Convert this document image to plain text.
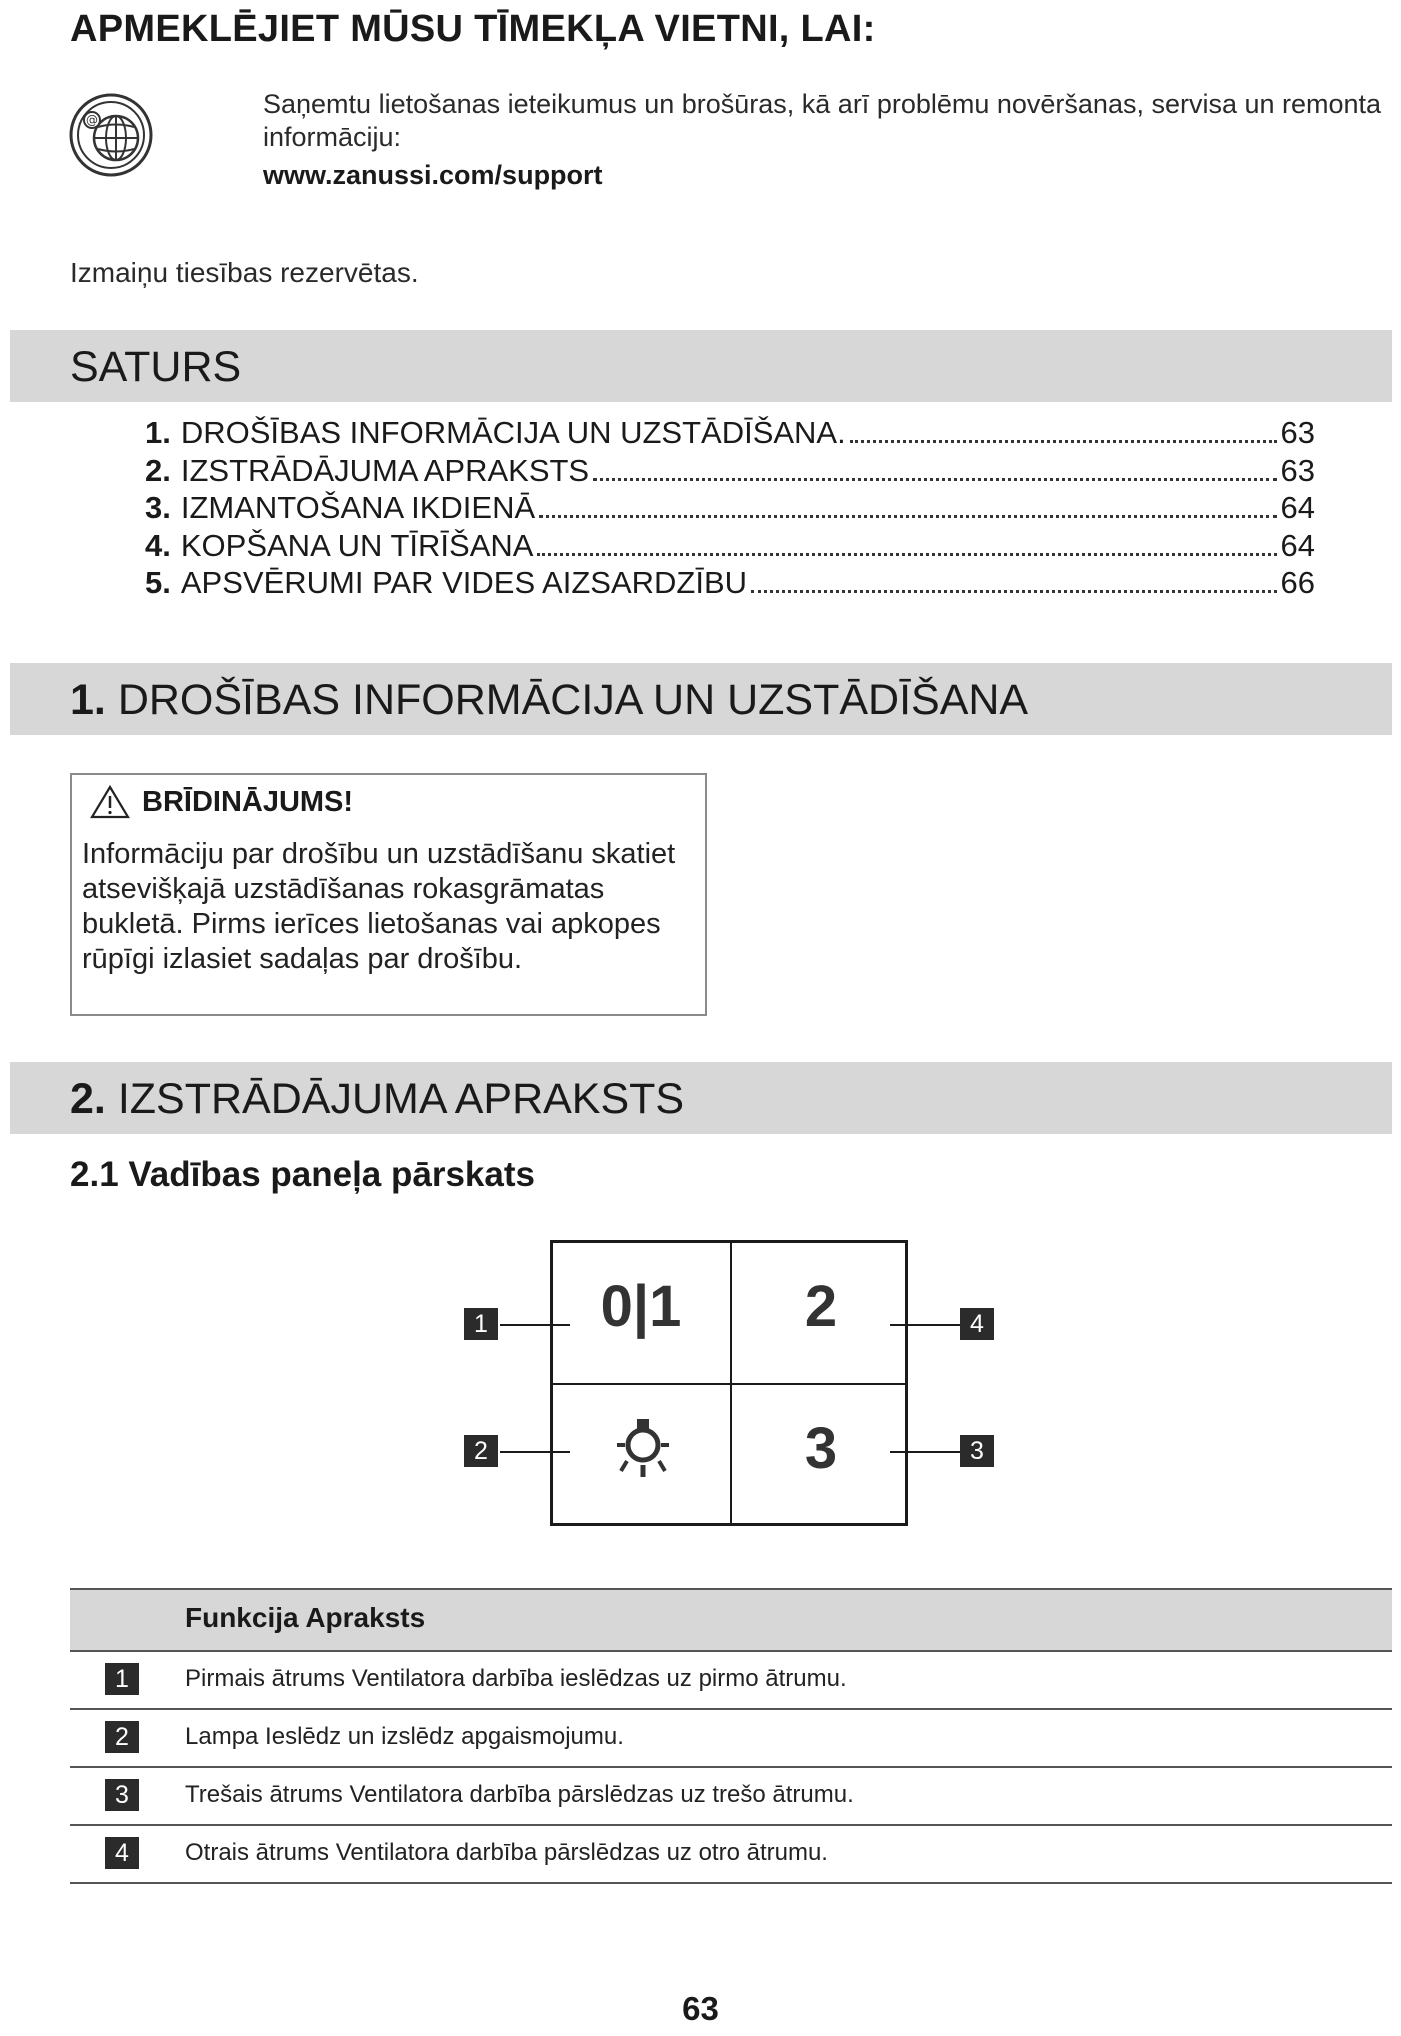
APMEKLĒJIET MŪSU TĪMEKĻA VIETNI, LAI:
@
Saņemtu lietošanas ieteikumus un brošūras, kā arī problēmu novēršanas, servisa un remonta informāciju:
www.zanussi.com/support
Izmaiņu tiesības rezervētas.
SATURS
1. DROŠĪBAS INFORMĀCIJA UN UZSTĀDĪŠANA.	63
2. IZSTRĀDĀJUMA APRAKSTS	63
3. IZMANTOŠANA IKDIENĀ	64
4. KOPŠANA UN TĪRĪŠANA	64
5. APSVĒRUMI PAR VIDES AIZSARDZĪBU	66
1. DROŠĪBAS INFORMĀCIJA UN UZSTĀDĪŠANA
BRĪDINĀJUMS!
Informāciju par drošību un uzstādīšanu skatiet atsevišķajā uzstādīšanas rokasgrāmatas bukletā. Pirms ierīces lietošanas vai apkopes rūpīgi izlasiet sadaļas par drošību.
2. IZSTRĀDĀJUMA APRAKSTS
2.1 Vadības paneļa pārskats
0|1	2
3
1
2
4
3
Funkcija Apraksts
1	Pirmais ātrums Ventilatora darbība ieslēdzas uz pirmo ātrumu.
2	Lampa Ieslēdz un izslēdz apgaismojumu.
3	Trešais ātrums Ventilatora darbība pārslēdzas uz trešo ātrumu.
4	Otrais ātrums Ventilatora darbība pārslēdzas uz otro ātrumu.
63
